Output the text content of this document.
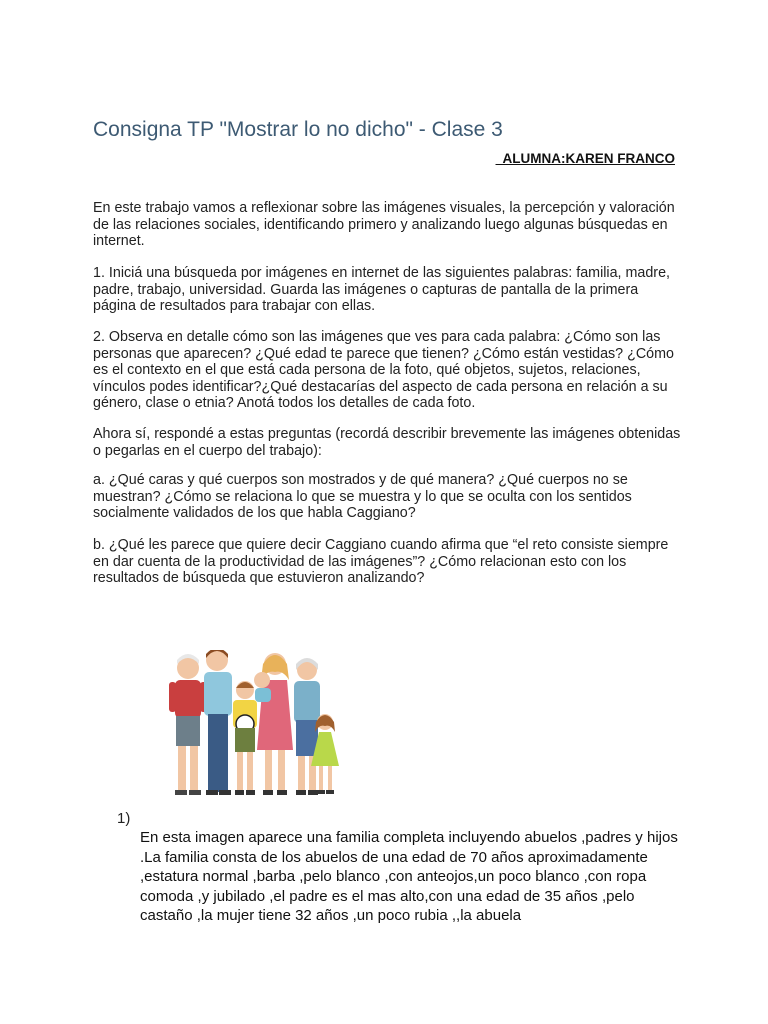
Consigna TP "Mostrar lo no dicho" - Clase 3
ALUMNA:KAREN FRANCO

En este trabajo vamos a reflexionar sobre las imágenes visuales, la percepción y valoración de las relaciones sociales, identificando primero y analizando luego algunas búsquedas en internet.

1. Iniciá una búsqueda por imágenes en internet de las siguientes palabras: familia, madre, padre, trabajo, universidad. Guarda las imágenes o capturas de pantalla de la primera página de resultados para trabajar con ellas.

2. Observa en detalle cómo son las imágenes que ves para cada palabra: ¿Cómo son las personas que aparecen? ¿Qué edad te parece que tienen? ¿Cómo están vestidas? ¿Cómo es el contexto en el que está cada persona de la foto, qué objetos, sujetos, relaciones, vínculos podes identificar?¿Qué destacarías del aspecto de cada persona en relación a su género, clase o etnia? Anotá todos los detalles de cada foto.

Ahora sí, respondé a estas preguntas (recordá describir brevemente las imágenes obtenidas o pegarlas en el cuerpo del trabajo):

a. ¿Qué caras y qué cuerpos son mostrados y de qué manera? ¿Qué cuerpos no se muestran? ¿Cómo se relaciona lo que se muestra y lo que se oculta con los sentidos socialmente validados de los que habla Caggiano?

b. ¿Qué les parece que quiere decir Caggiano cuando afirma que “el reto consiste siempre en dar cuenta de la productividad de las imágenes”? ¿Cómo relacionan esto con los resultados de búsqueda que estuvieron analizando?

1)

En esta imagen aparece una familia completa incluyendo abuelos ,padres y hijos .La familia consta de los abuelos de una edad de 70 años aproximadamente ,estatura normal ,barba ,pelo blanco ,con anteojos,un poco blanco ,con ropa comoda ,y jubilado ,el padre es el mas alto,con una edad de 35 años ,pelo castaño ,la mujer tiene 32 años ,un poco rubia ,,la abuela
